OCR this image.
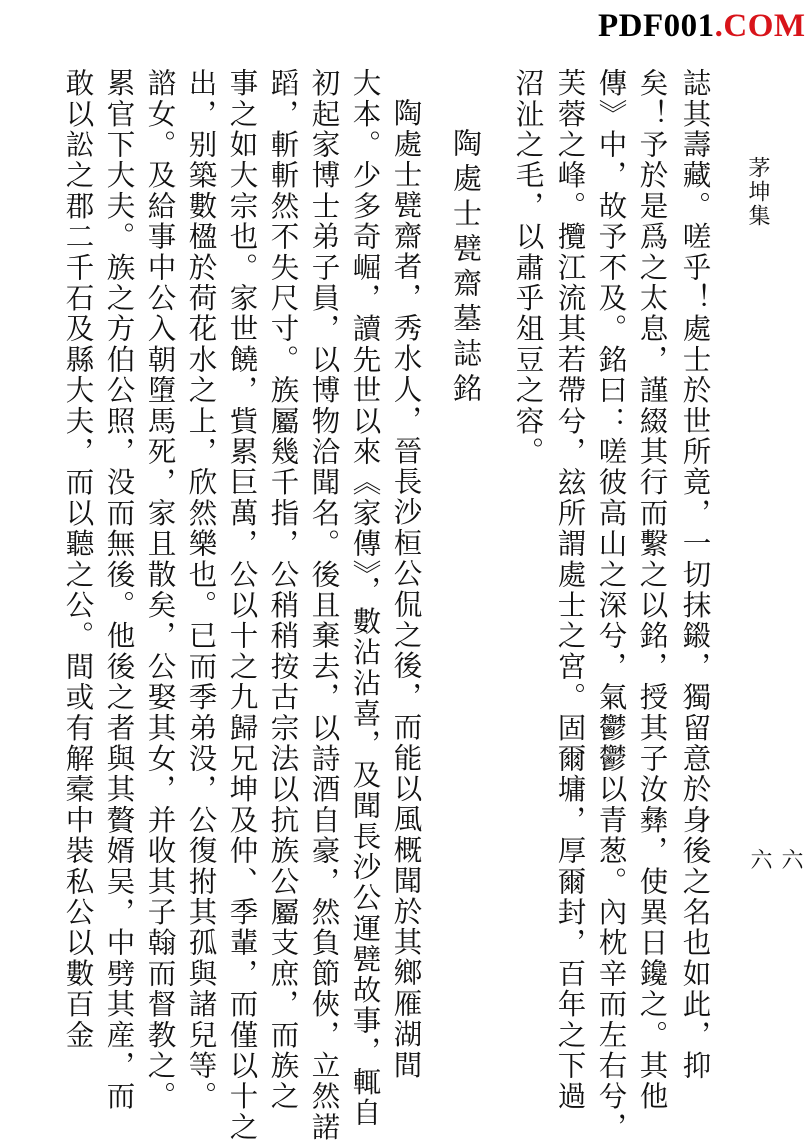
PDF001.COM
茅坤集
六六
誌其壽藏。嗟乎！處士於世所竟，一切抹鎩，獨留意於身後之名也如此，抑
矣！予於是爲之太息，謹綴其行而繫之以銘，授其子汝彝，使異日鑱之。其他
傳》中，故予不及。銘曰：嗟彼高山之深兮，氣鬱鬱以青葱。內枕辛而左右兮，
芙蓉之峰。攬江流其若帶兮，玆所謂處士之宮。固爾墉，厚爾封，百年之下過
沼沚之毛，以肅乎俎豆之容。
陶處士甓齋墓誌銘
陶處士甓齋者，秀水人，晉長沙桓公侃之後，而能以風概聞於其鄉雁湖間
大本。少多奇崛，讀先世以來《家傳》，數沾沾喜，及聞長沙公運甓故事，輒自
初起家博士弟子員，以博物洽聞名。後且棄去，以詩酒自豪，然負節俠，立然諾
蹈，斬斬然不失尺寸。族屬幾千指，公稍稍按古宗法以抗族公屬支庶，而族之
事之如大宗也。家世饒，貲累巨萬，公以十之九歸兄坤及仲、季輩，而僅以十之
出，别築數楹於荷花水之上，欣然樂也。已而季弟没，公復拊其孤與諸兒等。
諮女。及給事中公入朝墮馬死，家且散矣，公娶其女，并收其子翰而督教之。
累官下大夫。族之方伯公照，没而無後。他後之者與其贅婿吴，中劈其産，而
敢以訟之郡二千石及縣大夫，而以聽之公。間或有解槖中裝私公以數百金
